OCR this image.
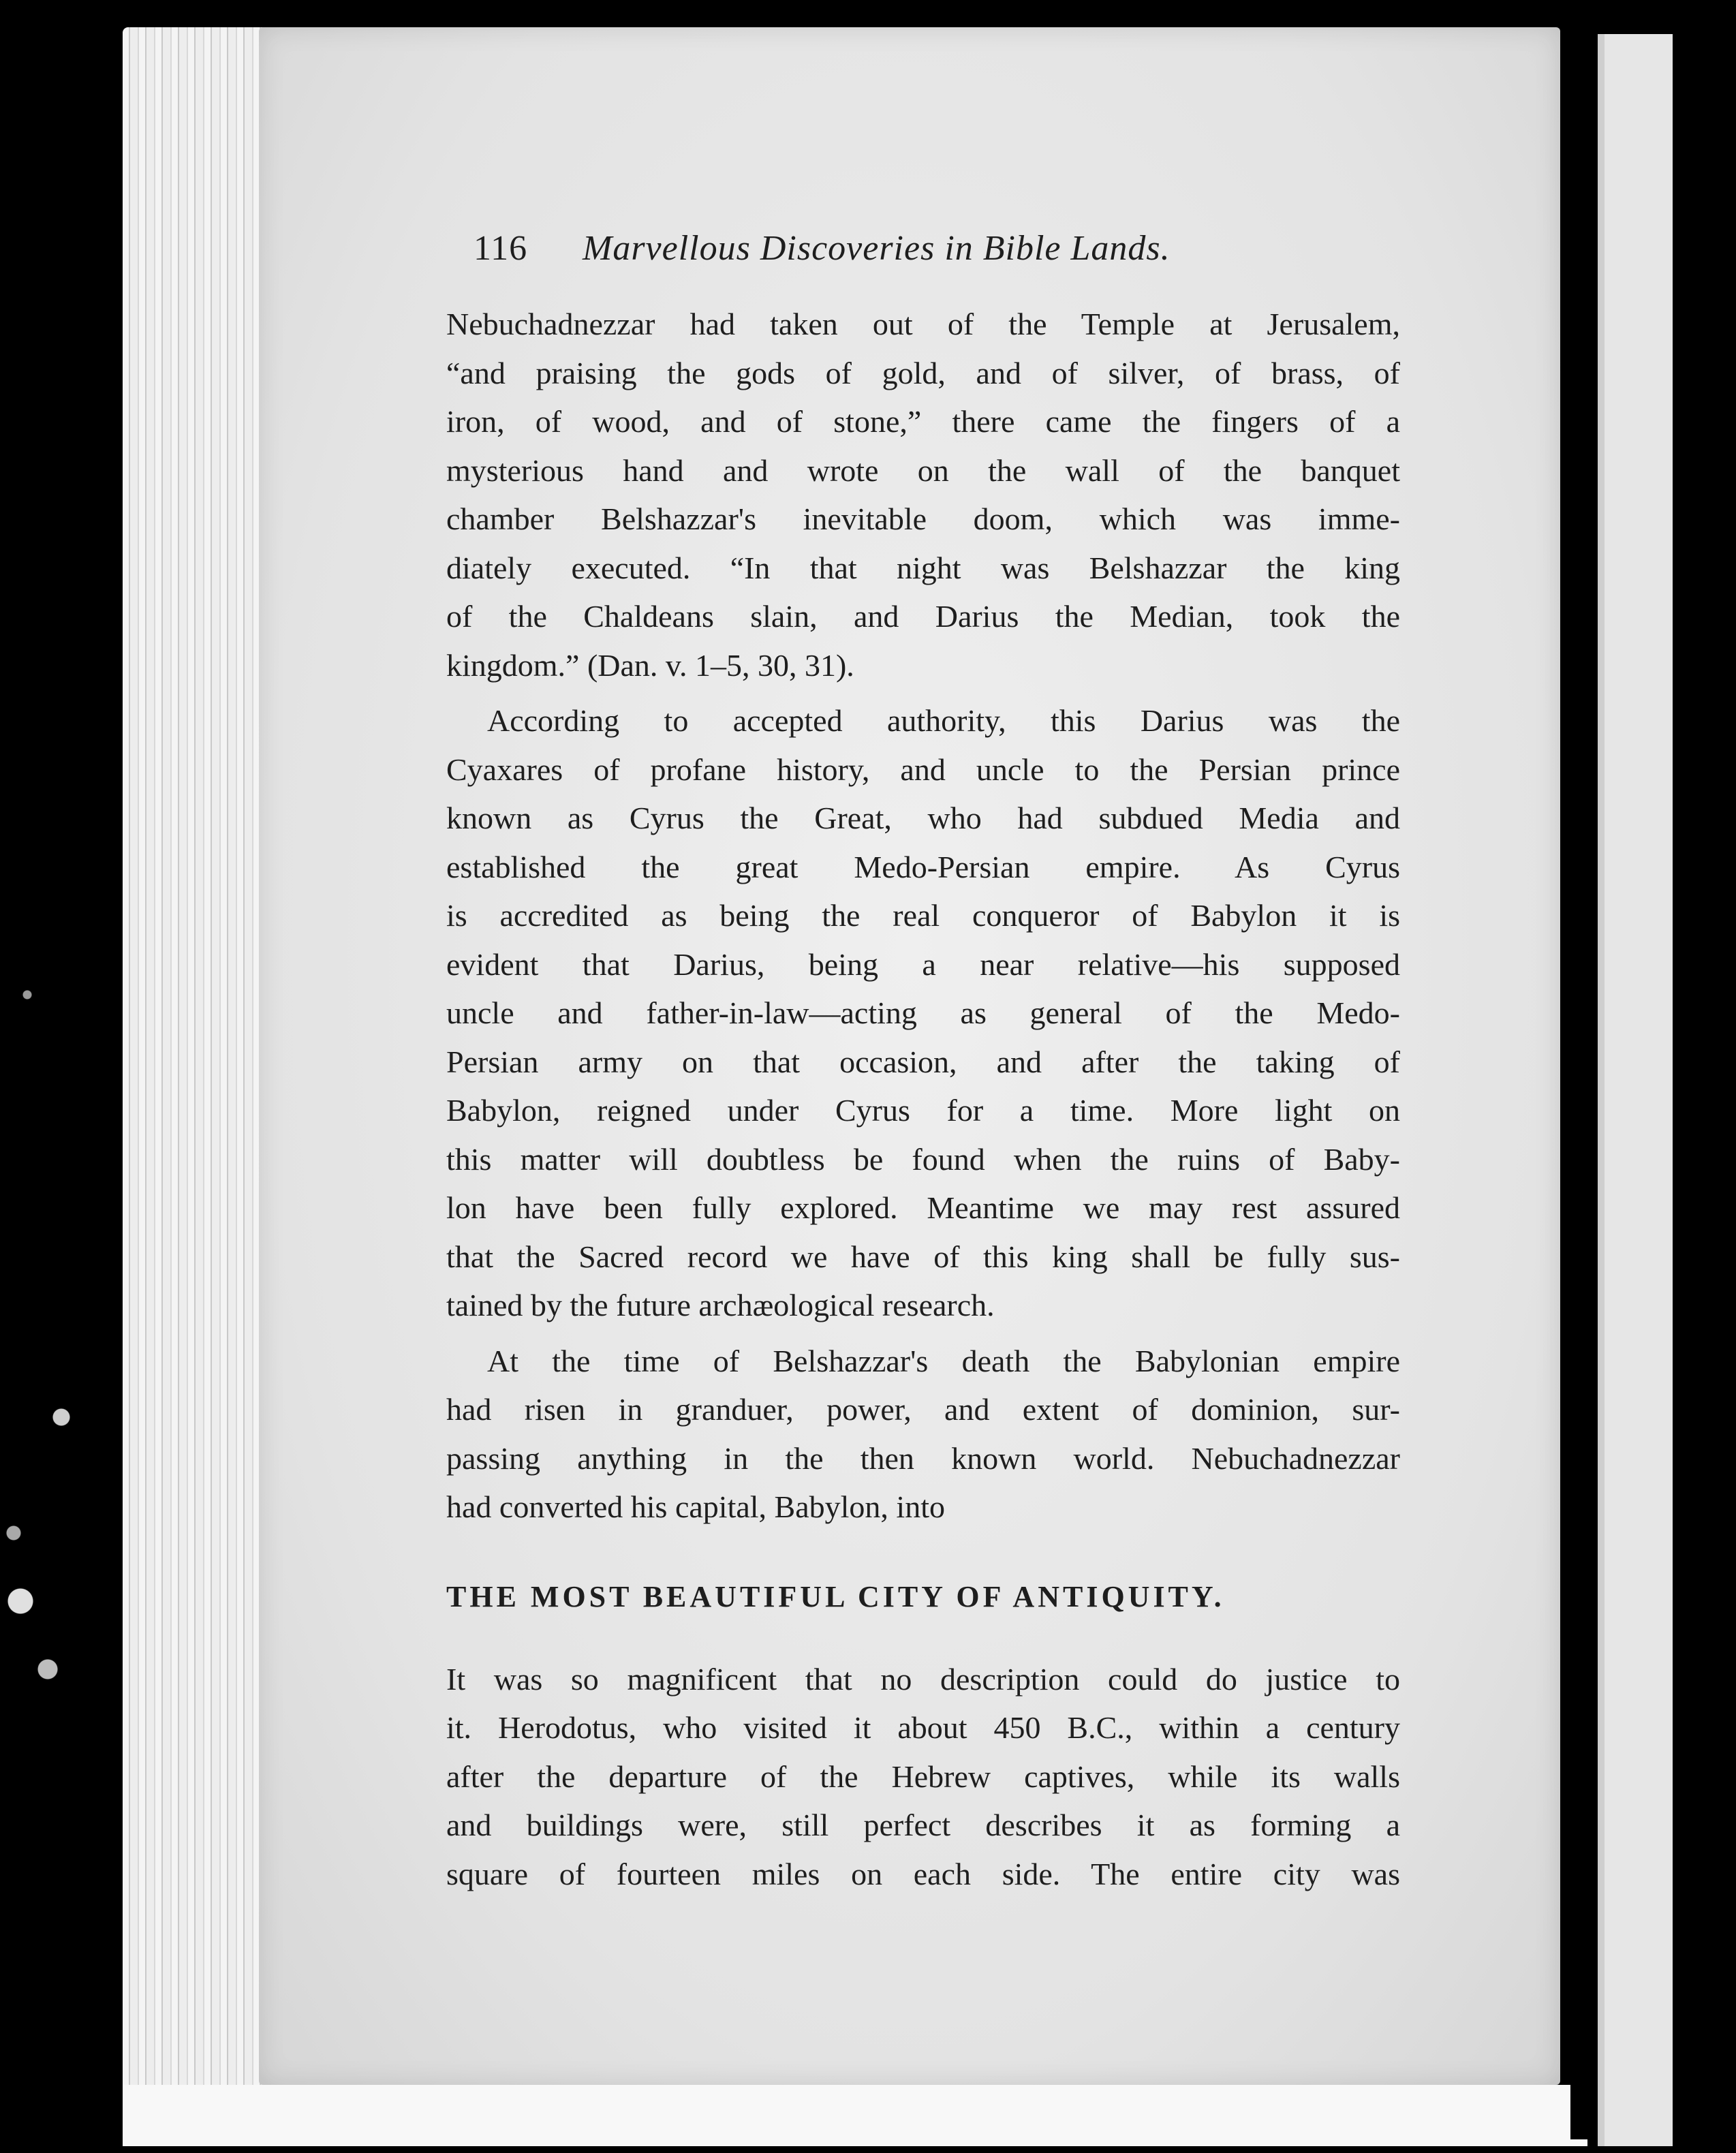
116 Marvellous Discoveries in Bible Lands.

Nebuchadnezzar had taken out of the Temple at Jerusalem,
“and praising the gods of gold, and of silver, of brass, of
iron, of wood, and of stone,” there came the fingers of a
mysterious hand and wrote on the wall of the banquet
chamber Belshazzar's inevitable doom, which was imme-
diately executed. “In that night was Belshazzar the king
of the Chaldeans slain, and Darius the Median, took the
kingdom.” (Dan. v. 1–5, 30, 31).

According to accepted authority, this Darius was the
Cyaxares of profane history, and uncle to the Persian prince
known as Cyrus the Great, who had subdued Media and
established the great Medo-Persian empire. As Cyrus
is accredited as being the real conqueror of Babylon it is
evident that Darius, being a near relative—his supposed
uncle and father-in-law—acting as general of the Medo-
Persian army on that occasion, and after the taking of
Babylon, reigned under Cyrus for a time. More light on
this matter will doubtless be found when the ruins of Baby-
lon have been fully explored. Meantime we may rest assured
that the Sacred record we have of this king shall be fully sus-
tained by the future archæological research.

At the time of Belshazzar's death the Babylonian empire
had risen in granduer, power, and extent of dominion, sur-
passing anything in the then known world. Nebuchadnezzar
had converted his capital, Babylon, into

THE MOST BEAUTIFUL CITY OF ANTIQUITY.

It was so magnificent that no description could do justice to
it. Herodotus, who visited it about 450 B.C., within a century
after the departure of the Hebrew captives, while its walls
and buildings were, still perfect describes it as forming a
square of fourteen miles on each side. The entire city was
